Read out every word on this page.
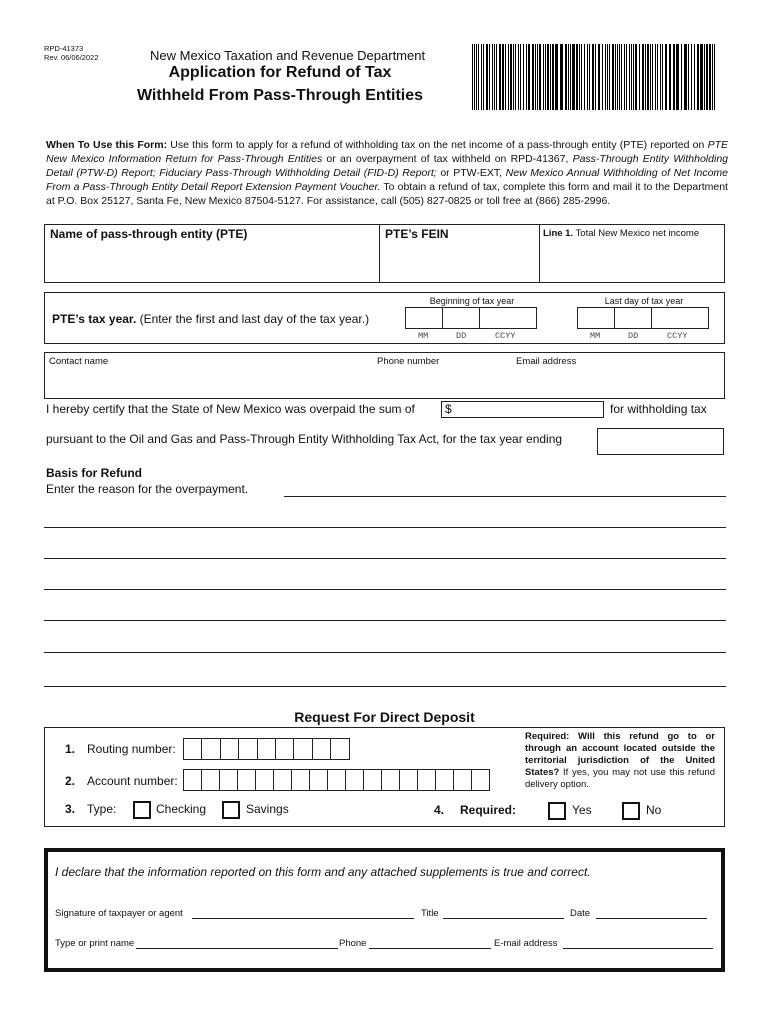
RPD-41373
Rev. 06/06/2022	New Mexico Taxation and Revenue Department
Application for Refund of Tax
Withheld From Pass-Through Entities
When To Use this Form: Use this form to apply for a refund of withholding tax on the net income of a pass-through entity (PTE) reported on PTE New Mexico Information Return for Pass-Through Entities or an overpayment of tax withheld on RPD-41367, Pass-Through Entity Withholding Detail (PTW-D) Report; Fiduciary Pass-Through Withholding Detail (FID-D) Report; or PTW-EXT, New Mexico Annual Withholding of Net Income From a Pass-Through Entity Detail Report Extension Payment Voucher. To obtain a refund of tax, complete this form and mail it to the Department at P.O. Box 25127, Santa Fe, New Mexico 87504-5127. For assistance, call (505) 827-0825 or toll free at (866) 285-2996.
Name of pass-through entity (PTE)	PTE’s FEIN	Line 1. Total New Mexico net income
PTE’s tax year. (Enter the first and last day of the tax year.)
Beginning of tax year	Last day of tax year
MM	DD	CCYY	MM	DD	CCYY
Contact name	Phone number	Email address
I hereby certify that the State of New Mexico was overpaid the sum of	$	for withholding tax
pursuant to the Oil and Gas and Pass-Through Entity Withholding Tax Act, for the tax year ending
Basis for Refund
Enter the reason for the overpayment.
Request For Direct Deposit
1. Routing number:
2. Account number:
3. Type:	Checking	Savings	4. Required:	Yes	No
Required: Will this refund go to or through an account located outside the territorial jurisdiction of the United States? If yes, you may not use this refund delivery option.
I declare that the information reported on this form and any attached supplements is true and correct.
Signature of taxpayer or agent	Title	Date
Type or print name	Phone	E-mail address
